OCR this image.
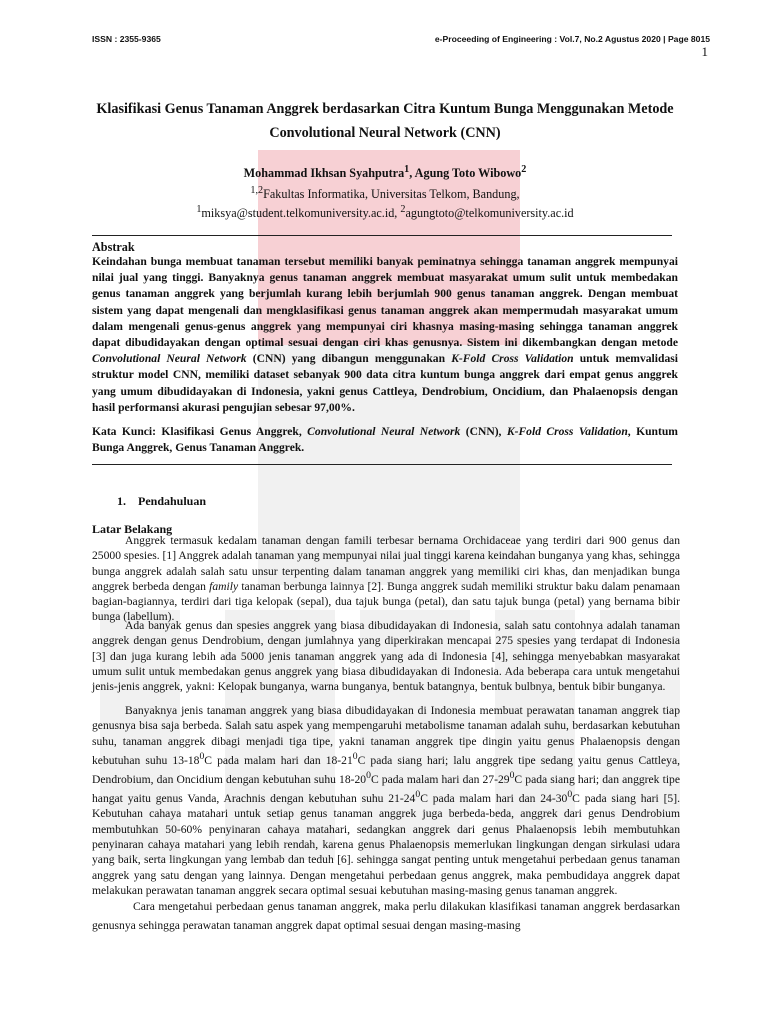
ISSN : 2355-9365	e-Proceeding of Engineering : Vol.7, No.2 Agustus 2020 | Page 8015
1
Klasifikasi Genus Tanaman Anggrek berdasarkan Citra Kuntum Bunga Menggunakan Metode Convolutional Neural Network (CNN)
Mohammad Ikhsan Syahputra$^1$, Agung Toto Wibowo$^2$
$^{1,2}$Fakultas Informatika, Universitas Telkom, Bandung,
$^1$miksya@student.telkomuniversity.ac.id, $^2$agungtoto@telkomuniversity.ac.id
Abstrak
Keindahan bunga membuat tanaman tersebut memiliki banyak peminatnya sehingga tanaman anggrek mempunyai nilai jual yang tinggi. Banyaknya genus tanaman anggrek membuat masyarakat umum sulit untuk membedakan genus tanaman anggrek yang berjumlah kurang lebih berjumlah 900 genus tanaman anggrek. Dengan membuat sistem yang dapat mengenali dan mengklasifikasi genus tanaman anggrek akan mempermudah masyarakat umum dalam mengenali genus-genus anggrek yang mempunyai ciri khasnya masing-masing sehingga tanaman anggrek dapat dibudidayakan dengan optimal sesuai dengan ciri khas genusnya. Sistem ini dikembangkan dengan metode Convolutional Neural Network (CNN) yang dibangun menggunakan K-Fold Cross Validation untuk memvalidasi struktur model CNN, memiliki dataset sebanyak 900 data citra kuntum bunga anggrek dari empat genus anggrek yang umum dibudidayakan di Indonesia, yakni genus Cattleya, Dendrobium, Oncidium, dan Phalaenopsis dengan hasil performansi akurasi pengujian sebesar 97,00%.
Kata Kunci: Klasifikasi Genus Anggrek, Convolutional Neural Network (CNN), K-Fold Cross Validation, Kuntum Bunga Anggrek, Genus Tanaman Anggrek.
1.    Pendahuluan
Latar Belakang

Anggrek termasuk kedalam tanaman dengan famili terbesar bernama Orchidaceae yang terdiri dari 900 genus dan 25000 spesies. [1] Anggrek adalah tanaman yang mempunyai nilai jual tinggi karena keindahan bunganya yang khas, sehingga bunga anggrek adalah salah satu unsur terpenting dalam tanaman anggrek yang memiliki ciri khas, dan menjadikan bunga anggrek berbeda dengan family tanaman berbunga lainnya [2]. Bunga anggrek sudah memiliki struktur baku dalam penamaan bagian-bagiannya, terdiri dari tiga kelopak (sepal), dua tajuk bunga (petal), dan satu tajuk bunga (petal) yang bernama bibir bunga (labellum).

Ada banyak genus dan spesies anggrek yang biasa dibudidayakan di Indonesia, salah satu contohnya adalah tanaman anggrek dengan genus Dendrobium, dengan jumlahnya yang diperkirakan mencapai 275 spesies yang terdapat di Indonesia [3] dan juga kurang lebih ada 5000 jenis tanaman anggrek yang ada di Indonesia [4], sehingga menyebabkan masyarakat umum sulit untuk membedakan genus anggrek yang biasa dibudidayakan di Indonesia. Ada beberapa cara untuk mengetahui jenis-jenis anggrek, yakni: Kelopak bunganya, warna bunganya, bentuk batangnya, bentuk bulbnya, bentuk bibir bunganya.

Banyaknya jenis tanaman anggrek yang biasa dibudidayakan di Indonesia membuat perawatan tanaman anggrek tiap genusnya bisa saja berbeda. Salah satu aspek yang mempengaruhi metabolisme tanaman adalah suhu, berdasarkan kebutuhan suhu, tanaman anggrek dibagi menjadi tiga tipe, yakni tanaman anggrek tipe dingin yaitu genus Phalaenopsis dengan kebutuhan suhu $13-18^0C$ pada malam hari dan $18-21^0C$ pada siang hari; lalu anggrek tipe sedang yaitu genus Cattleya, Dendrobium, dan Oncidium dengan kebutuhan suhu $18-20^0C$ pada malam hari dan $27-29^0C$ pada siang hari; dan anggrek tipe hangat yaitu genus Vanda, Arachnis dengan kebutuhan suhu $21-24^0C$ pada malam hari dan $24-30^0C$ pada siang hari [5]. Kebutuhan cahaya matahari untuk setiap genus tanaman anggrek juga berbeda-beda, anggrek dari genus Dendrobium membutuhkan 50-60% penyinaran cahaya matahari, sedangkan anggrek dari genus Phalaenopsis lebih membutuhkan penyinaran cahaya matahari yang lebih rendah, karena genus Phalaenopsis memerlukan lingkungan dengan sirkulasi udara yang baik, serta lingkungan yang lembab dan teduh [6]. sehingga sangat penting untuk mengetahui perbedaan genus tanaman anggrek yang satu dengan yang lainnya. Dengan mengetahui perbedaan genus anggrek, maka pembudidaya anggrek dapat melakukan perawatan tanaman anggrek secara optimal sesuai kebutuhan masing-masing genus tanaman anggrek.

Cara mengetahui perbedaan genus tanaman anggrek, maka perlu dilakukan klasifikasi tanaman anggrek berdasarkan genusnya sehingga perawatan tanaman anggrek dapat optimal sesuai dengan masing-masing
